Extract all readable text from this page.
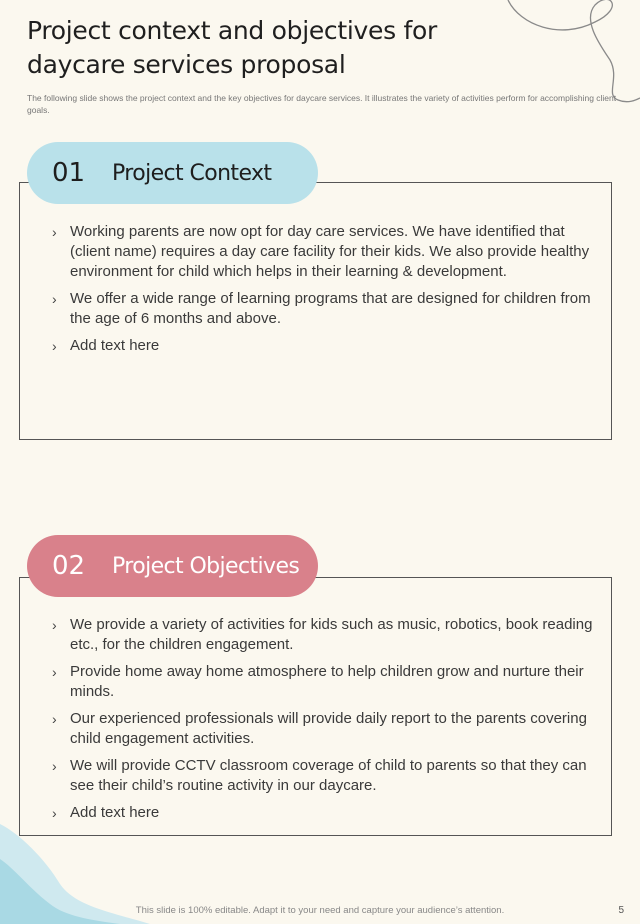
Project context and objectives for daycare services proposal

The following slide shows the project context and the key objectives for daycare services. It illustrates the variety of activities perform for accomplishing client goals.

01	Project Context
› Working parents are now opt for day care services. We have identified that (client name) requires a day care facility for their kids. We also provide healthy environment for child which helps in their learning & development.
› We offer a wide range of learning programs that are designed for children from the age of 6 months and above.
› Add text here
02	Project Objectives
› We provide a variety of activities for kids such as music, robotics, book reading etc., for the children engagement.
› Provide home away home atmosphere to help children grow and nurture their minds.
› Our experienced professionals will provide daily report to the parents covering child engagement activities.
› We will provide CCTV classroom coverage of child to parents so that they can see their child’s routine activity in our daycare.
› Add text here
This slide is 100% editable. Adapt it to your need and capture your audience’s attention.	5
